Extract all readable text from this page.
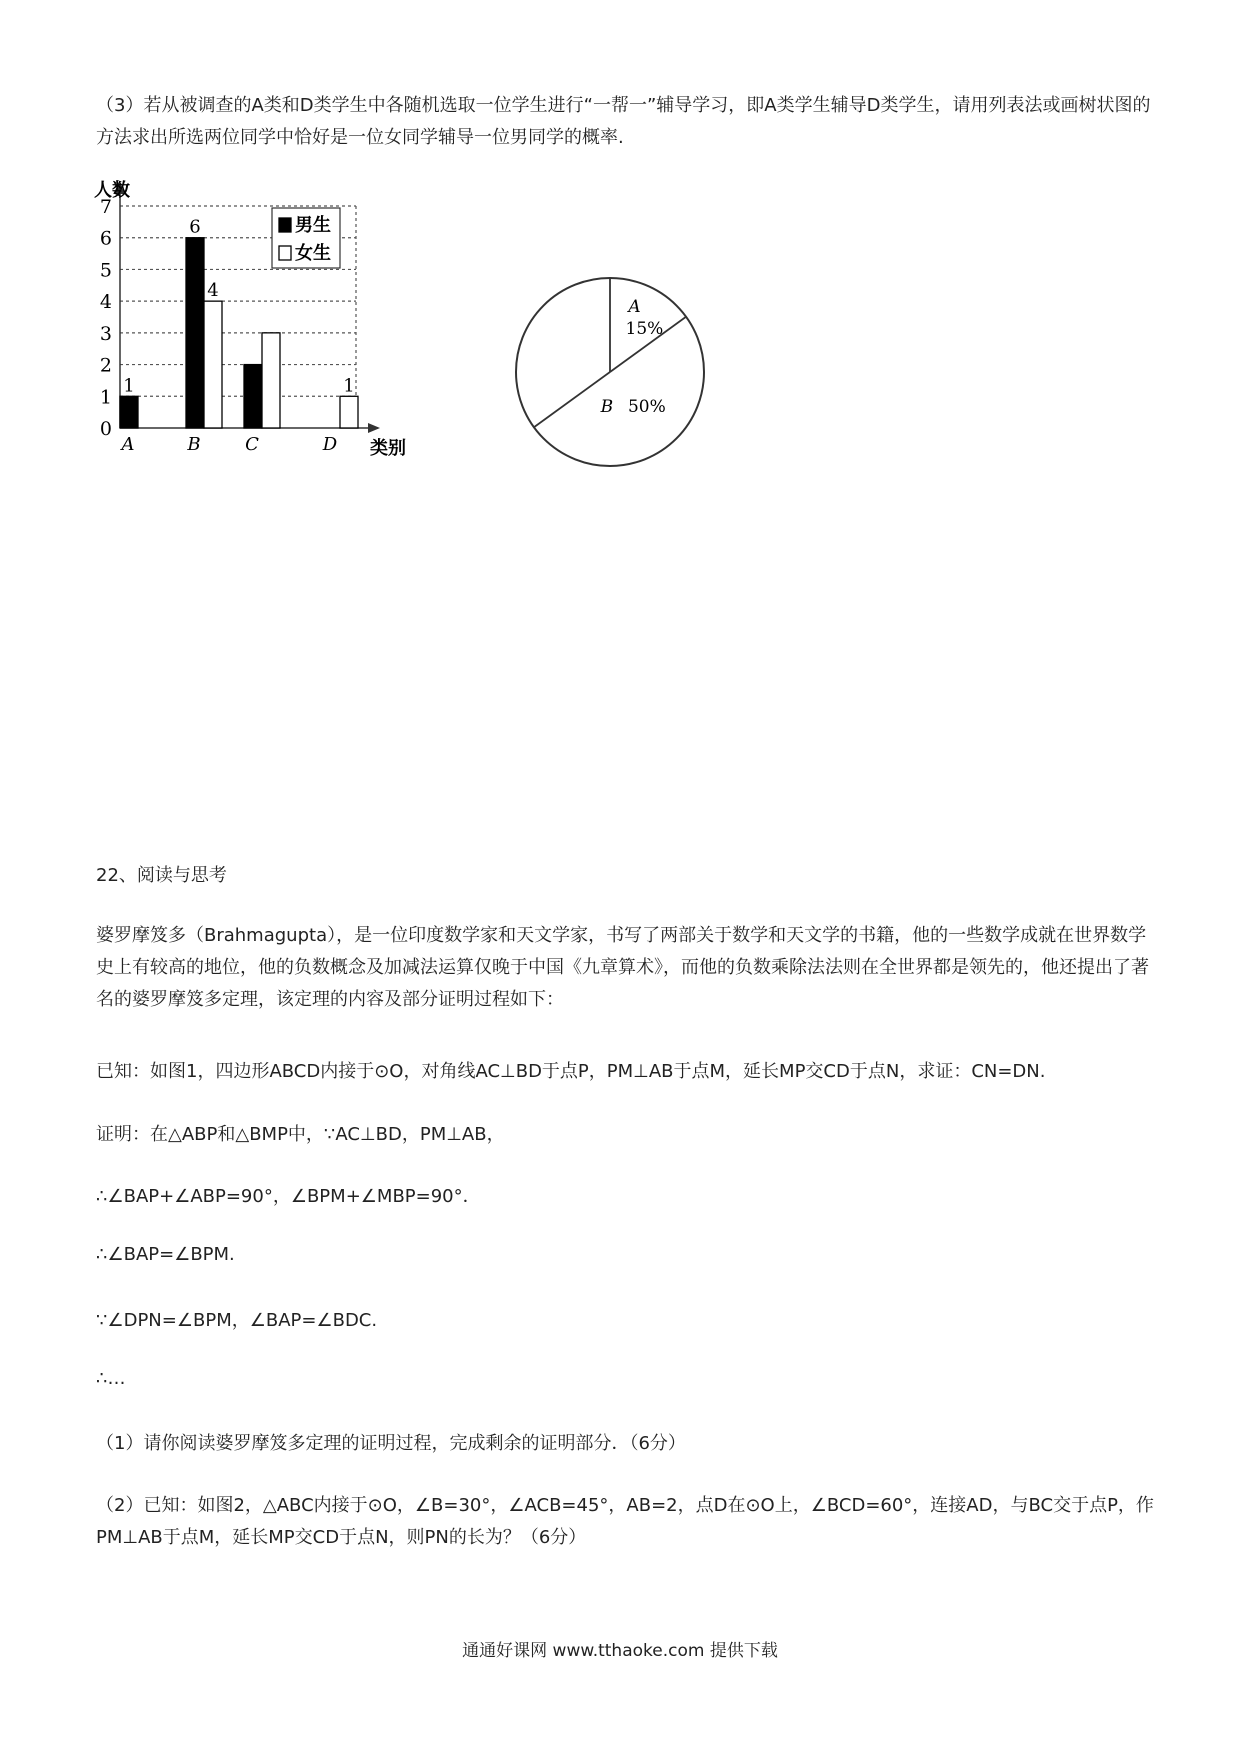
（3）若从被调查的A类和D类学生中各随机选取一位学生进行“一帮一”辅导学习，即A类学生辅导D类学生，请用列表法或画树状图的方法求出所选两位同学中恰好是一位女同学辅导一位男同学的概率.

0
1
2
3
4
5
6
7
A	B C	D
1
6
4
1
人数
类别
男生
女生
A
15%
B 50%

22、阅读与思考

婆罗摩笈多（Brahmagupta），是一位印度数学家和天文学家，书写了两部关于数学和天文学的书籍，他的一些数学成就在世界数学史上有较高的地位，他的负数概念及加减法运算仅晚于中国《九章算术》，而他的负数乘除法法则在全世界都是领先的，他还提出了著名的婆罗摩笈多定理，该定理的内容及部分证明过程如下：

已知：如图1，四边形ABCD内接于⊙O，对角线AC⊥BD于点P，PM⊥AB于点M，延长MP交CD于点N，求证：CN=DN.

证明：在△ABP和△BMP中，∵AC⊥BD，PM⊥AB，
∴∠BAP+∠ABP=90°，∠BPM+∠MBP=90°．
∴∠BAP=∠BPM.
∵∠DPN=∠BPM，∠BAP=∠BDC.
∴…

（1）请你阅读婆罗摩笈多定理的证明过程，完成剩余的证明部分．（6分）

（2）已知：如图2，△ABC内接于⊙O，∠B=30°，∠ACB=45°，AB=2，点D在⊙O上，∠BCD=60°，连接AD，与BC交于点P，作PM⊥AB于点M，延长MP交CD于点N，则PN的长为？（6分）

通通好课网 www.tthaoke.com 提供下载
